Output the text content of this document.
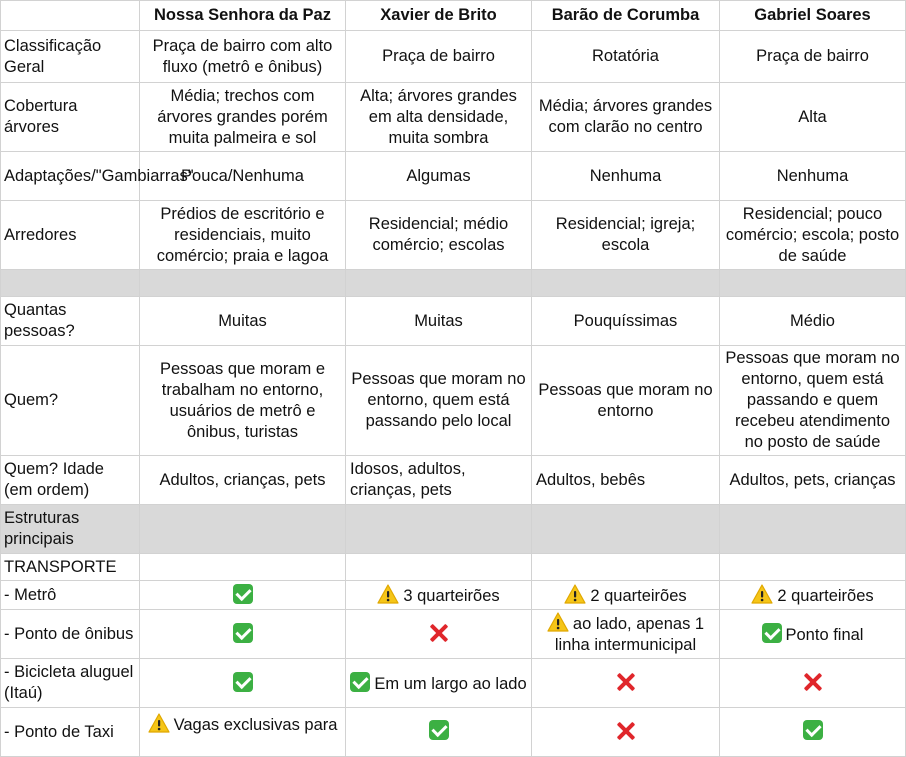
	Nossa Senhora da Paz	Xavier de Brito	Barão de Corumba	Gabriel Soares
Classificação Geral	Praça de bairro com alto fluxo (metrô e ônibus)	Praça de bairro	Rotatória	Praça de bairro
Cobertura árvores	Média; trechos com árvores grandes porém muita palmeira e sol	Alta; árvores grandes em alta densidade, muita sombra	Média; árvores grandes com clarão no centro	Alta
Adaptações/"Gambiarras"	Pouca/Nenhuma	Algumas	Nenhuma	Nenhuma
Arredores	Prédios de escritório e residenciais, muito comércio; praia e lagoa	Residencial; médio comércio; escolas	Residencial; igreja; escola	Residencial; pouco comércio; escola; posto de saúde

Quantas pessoas?	Muitas	Muitas	Pouquíssimas	Médio
Quem?	Pessoas que moram e trabalham no entorno, usuários de metrô e ônibus, turistas	Pessoas que moram no entorno, quem está passando pelo local	Pessoas que moram no entorno	Pessoas que moram no entorno, quem está passando e quem recebeu atendimento no posto de saúde
Quem? Idade (em ordem)	Adultos, crianças, pets	Idosos, adultos, crianças, pets	Adultos, bebês	Adultos, pets, crianças
Estruturas principais				
TRANSPORTE				
- Metrô		3 quarteirões	2 quarteirões	2 quarteirões
- Ponto de ônibus			ao lado, apenas 1 linha intermunicipal	Ponto final
- Bicicleta aluguel (Itaú)		Em um largo ao lado		
- Ponto de Taxi	Vagas exclusivas para			
